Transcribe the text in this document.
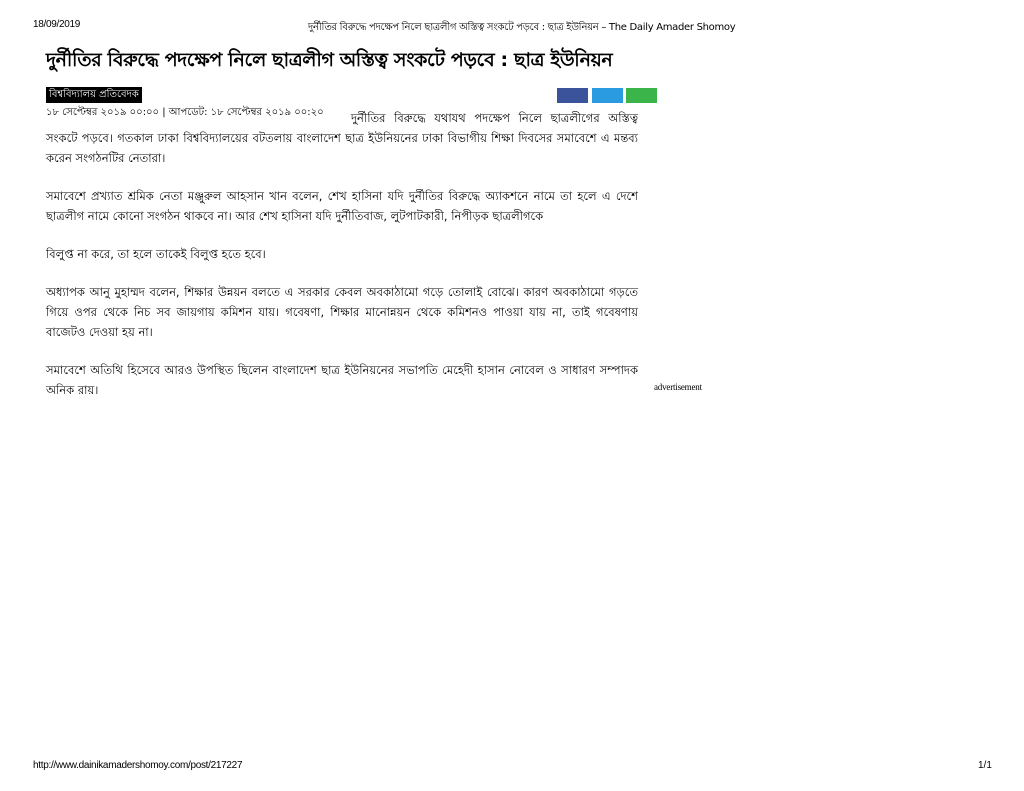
18/09/2019	দুর্নীতির বিরুদ্ধে পদক্ষেপ নিলে ছাত্রলীগ অস্তিত্ব সংকটে পড়বে : ছাত্র ইউনিয়ন – The Daily Amader Shomoy
দুর্নীতির বিরুদ্ধে পদক্ষেপ নিলে ছাত্রলীগ অস্তিত্ব সংকটে পড়বে : ছাত্র ইউনিয়ন
বিশ্ববিদ্যালয় প্রতিবেদক
১৮ সেপ্টেম্বর ২০১৯ ০০:০০ | আপডেট: ১৮ সেপ্টেম্বর ২০১৯ ০০:২০	দুর্নীতির বিরুদ্ধে যথাযথ পদক্ষেপ নিলে ছাত্রলীগের অস্তিত্ব সংকটে পড়বে। গতকাল ঢাকা বিশ্ববিদ্যালয়ের বটতলায় বাংলাদেশ ছাত্র ইউনিয়নের ঢাকা বিভাগীয় শিক্ষা দিবসের সমাবেশে এ মন্তব্য করেন সংগঠনটির নেতারা।

সমাবেশে প্রখ্যাত শ্রমিক নেতা মঞ্জুরুল আহসান খান বলেন, শেখ হাসিনা যদি দুর্নীতির বিরুদ্ধে অ্যাকশনে নামে তা হলে এ দেশে ছাত্রলীগ নামে কোনো সংগঠন থাকবে না। আর শেখ হাসিনা যদি দুর্নীতিবাজ, লুটপাটকারী, নিপীড়ক ছাত্রলীগকে

বিলুপ্ত না করে, তা হলে তাকেই বিলুপ্ত হতে হবে।

অধ্যাপক আনু মুহাম্মদ বলেন, শিক্ষার উন্নয়ন বলতে এ সরকার কেবল অবকাঠামো গড়ে তোলাই বোঝে। কারণ অবকাঠামো গড়তে গিয়ে ওপর থেকে নিচ সব জায়গায় কমিশন যায়। গবেষণা, শিক্ষার মানোন্নয়ন থেকে কমিশনও পাওয়া যায় না, তাই গবেষণায় বাজেটও দেওয়া হয় না।

সমাবেশে অতিথি হিসেবে আরও উপস্থিত ছিলেন বাংলাদেশ ছাত্র ইউনিয়নের সভাপতি মেহেদী হাসান নোবেল ও সাধারণ সম্পাদক অনিক রায়।	advertisement
http://www.dainikamadershomoy.com/post/217227	1/1
